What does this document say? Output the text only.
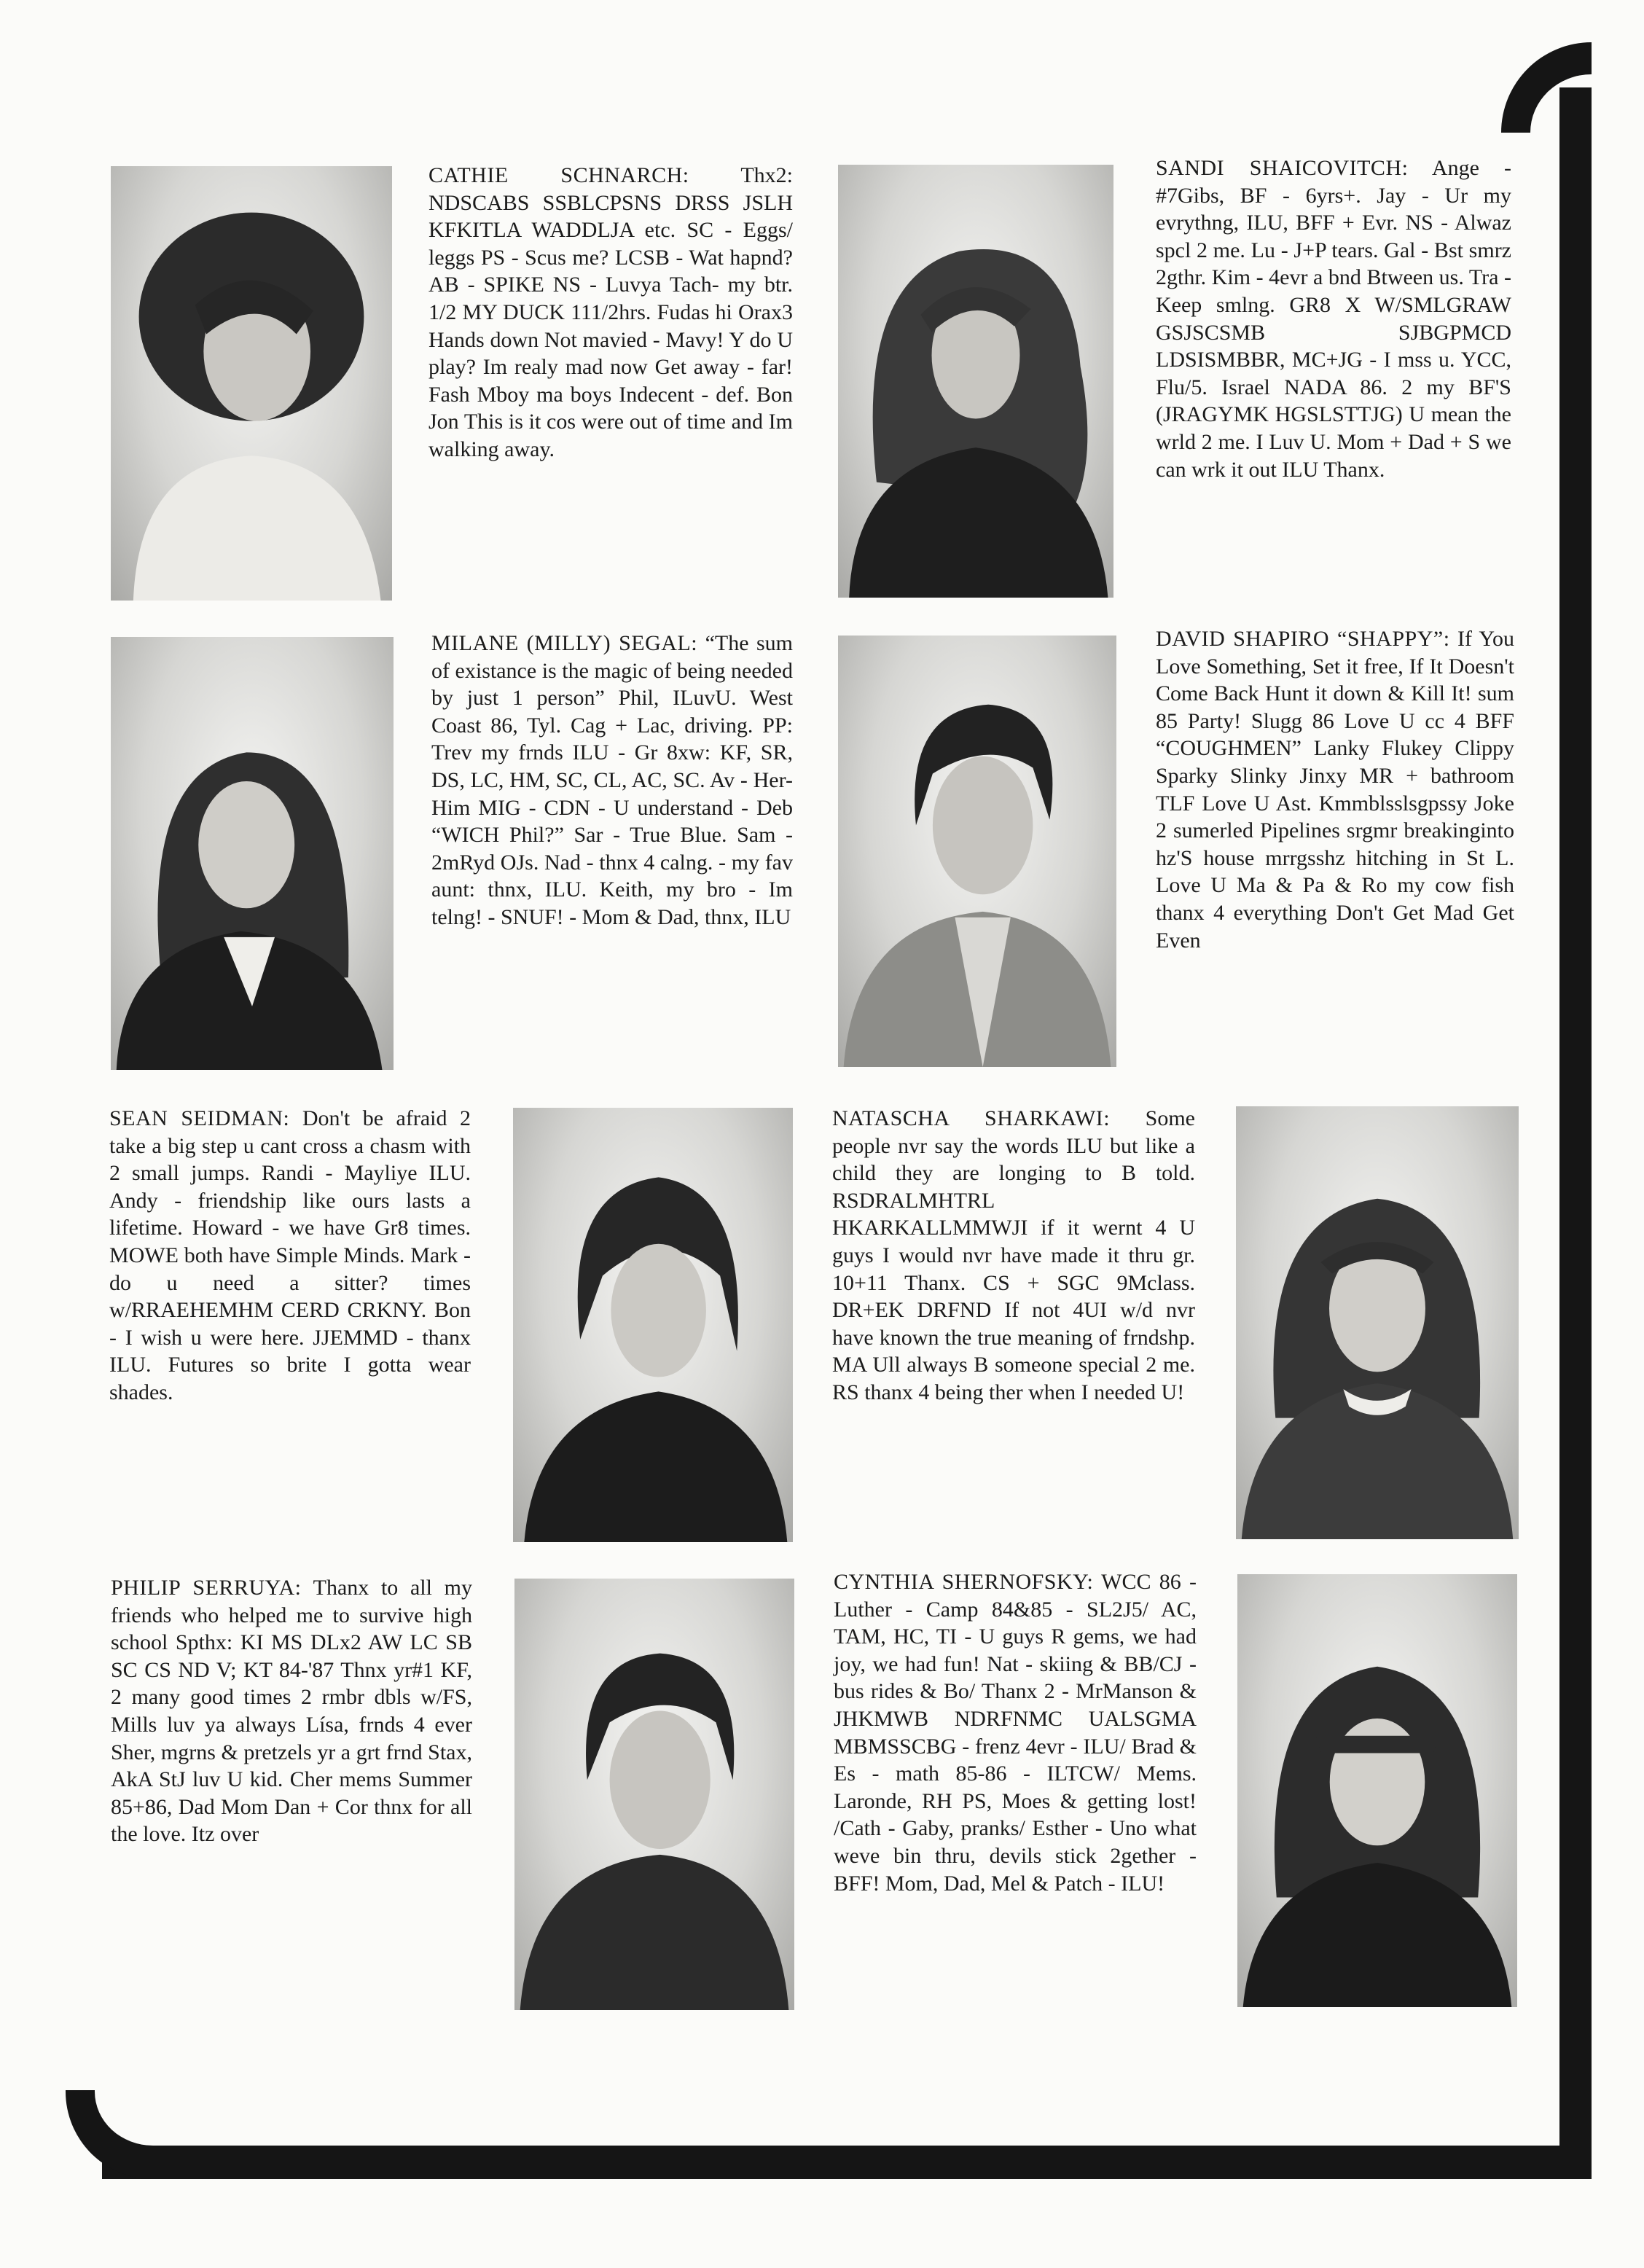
CATHIE SCHNARCH: Thx2: NDSCABS SSBLCPSNS DRSS JSLH KFKITLA WADDLJA etc. SC - Eggs/ leggs PS - Scus me? LCSB - Wat hapnd? AB - SPIKE NS - Luvya Tach- my btr. 1/2 MY DUCK 111/2hrs. Fudas hi Orax3 Hands down Not mavied - Mavy! Y do U play? Im realy mad now Get away - far! Fash Mboy ma boys Indecent - def. Bon Jon This is it cos were out of time and Im walking away.

SANDI SHAICOVITCH: Ange - #7Gibs, BF - 6yrs+. Jay - Ur my evrythng, ILU, BFF + Evr. NS - Alwaz spcl 2 me. Lu - J+P tears. Gal - Bst smrz 2gthr. Kim - 4evr a bnd Btween us. Tra - Keep smlng. GR8 X W/SMLGRAW GSJSCSMB SJBGPMCD LDSISMBBR, MC+JG - I mss u. YCC, Flu/5. Israel NADA 86. 2 my BF'S (JRAGYMK HGSLSTTJG) U mean the wrld 2 me. I Luv U. Mom + Dad + S we can wrk it out ILU Thanx.

MILANE (MILLY) SEGAL: “The sum of existance is the magic of being needed by just 1 person” Phil, ILuvU. West Coast 86, Tyl. Cag + Lac, driving. PP: Trev my frnds ILU - Gr 8xw: KF, SR, DS, LC, HM, SC, CL, AC, SC. Av - Her-Him MIG - CDN - U understand - Deb “WICH Phil?” Sar - True Blue. Sam - 2mRyd OJs. Nad - thnx 4 calng. - my fav aunt: thnx, ILU. Keith, my bro - Im telng! - SNUF! - Mom & Dad, thnx, ILU

DAVID SHAPIRO “SHAPPY”: If You Love Something, Set it free, If It Doesn't Come Back Hunt it down & Kill It! sum 85 Party! Slugg 86 Love U cc 4 BFF “COUGHMEN” Lanky Flukey Clippy Sparky Slinky Jinxy MR + bathroom TLF Love U Ast. Kmmblsslsgpssy Joke 2 sumerled Pipelines srgmr breakinginto hz'S house mrrgsshz hitching in St L. Love U Ma & Pa & Ro my cow fish thanx 4 everything Don't Get Mad Get Even

SEAN SEIDMAN: Don't be afraid 2 take a big step u cant cross a chasm with 2 small jumps. Randi - Mayliye ILU. Andy - friendship like ours lasts a lifetime. Howard - we have Gr8 times. MOWE both have Simple Minds. Mark - do u need a sitter? times w/RRAEHEMHM CERD CRKNY. Bon - I wish u were here. JJEMMD - thanx ILU. Futures so brite I gotta wear shades.

NATASCHA SHARKAWI: Some people nvr say the words ILU but like a child they are longing to B told. RSDRALMHTRL HKARKALLMMWJI if it wernt 4 U guys I would nvr have made it thru gr. 10+11 Thanx. CS + SGC 9Mclass. DR+EK DRFND If not 4UI w/d nvr have known the true meaning of frndshp. MA Ull always B someone special 2 me. RS thanx 4 being ther when I needed U!

PHILIP SERRUYA: Thanx to all my friends who helped me to survive high school Spthx: KI MS DLx2 AW LC SB SC CS ND V; KT 84-'87 Thnx yr#1 KF, 2 many good times 2 rmbr dbls w/FS, Mills luv ya always Lísa, frnds 4 ever Sher, mgrns & pretzels yr a grt frnd Stax, AkA StJ luv U kid. Cher mems Summer 85+86, Dad Mom Dan + Cor thnx for all the love. Itz over

CYNTHIA SHERNOFSKY: WCC 86 - Luther - Camp 84&85 - SL2J5/ AC, TAM, HC, TI - U guys R gems, we had joy, we had fun! Nat - skiing & BB/CJ - bus rides & Bo/ Thanx 2 - MrManson & JHKMWB NDRFNMC UALSGMA MBMSSCBG - frenz 4evr - ILU/ Brad & Es - math 85-86 - ILTCW/ Mems. Laronde, RH PS, Moes & getting lost! /Cath - Gaby, pranks/ Esther - Uno what weve bin thru, devils stick 2gether - BFF! Mom, Dad, Mel & Patch - ILU!
